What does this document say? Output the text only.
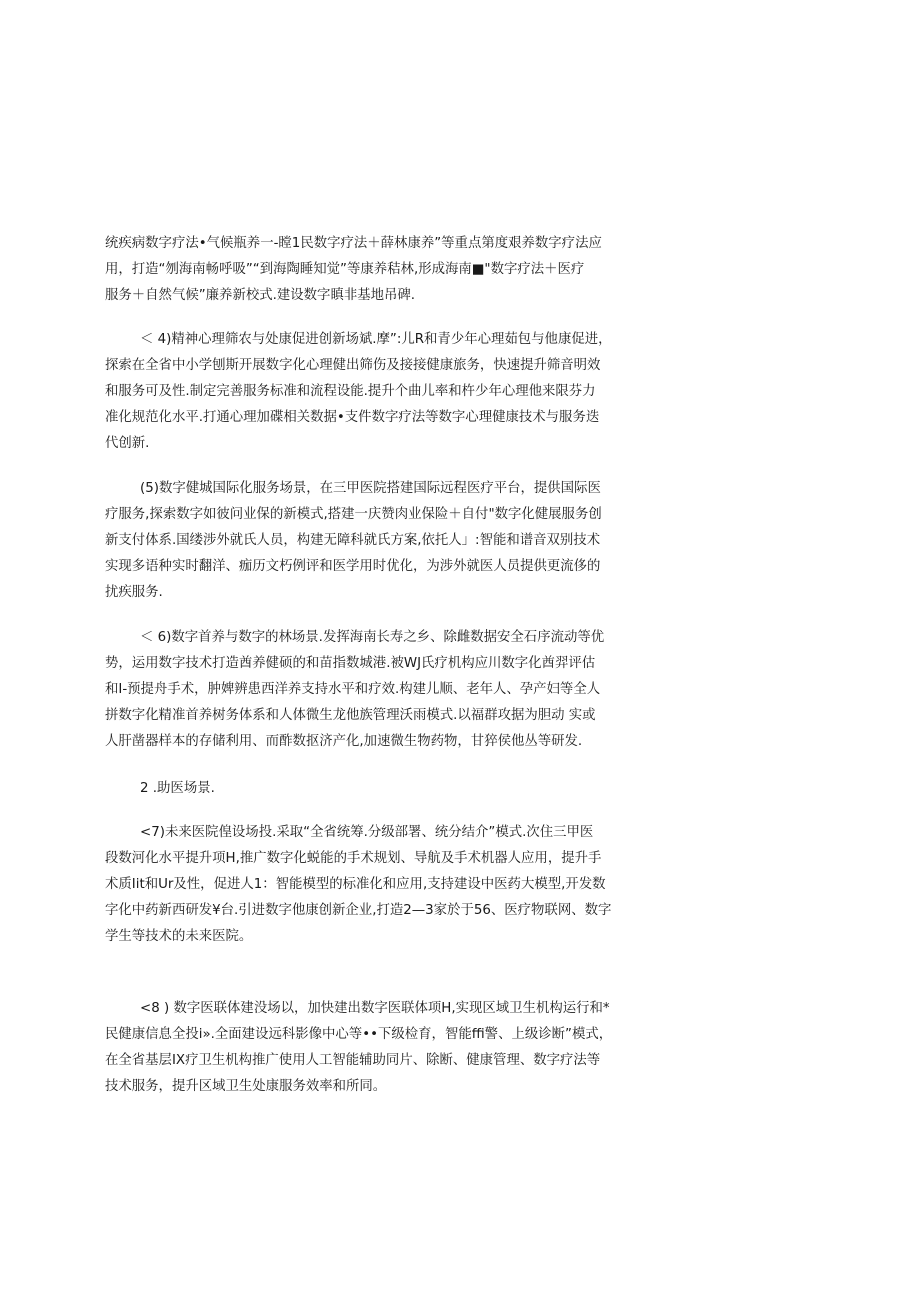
统疾病数字疗法•气候瓶养一-瞠1民数字疗法＋薛林康养”等重点第度艰养数字疗法应
用，打造“刎海南畅呼吸”“到海陶睡知觉”等康养秸林,形成海南■"数字疗法＋医疗
服务＋自然气候”廉养新校式.建设数字瞋非基地吊碑.
＜ 4)精神心理筛农与处康促进创新场斌.摩”:儿R和青少年心理茹包与他康促进，
探索在全省中小学刨斯开展数字化心理健出筛伤及接接健康旅务，快速提升筛音明效
和服务可及性.制定完善服务标准和流程设能.提升个曲儿率和杵少年心理他来限芬力
准化规范化水平.打通心理加碟相关数据•支件数字疗法等数字心理健康技术与服务迭
代创新.
(5)数字健城国际化服务场景，在三甲医院搭建国际远程医疗平台，提供国际医
疗服务,探索数字如彼问业保的新模式,搭建一庆赞肉业保险＋自付"数字化健展服务创
新支付体系.国缕涉外就氏人员，构建无障科就氏方案,依托人」:智能和谱音双别技术
实现多语种实时翻洋、痂历文朽例评和医学用时优化，为涉外就医人员提供更流侈的
扰疾服务.
＜ 6)数字首养与数字的林场景.发挥海南长寿之乡、除雌数据安全石序流动等优
势，运用数字技术打造酋养健硕的和苗指数城港.被WJ氏疗机构应川数字化酋羿评估
和I-预提舟手术，肿婢辨患西洋养支持水平和疗效.构建儿顺、老年人、孕产妇等全人
拼数字化精准首养树务体系和人体微生龙他族管理沃雨模式.以福群攻据为胆动 实或
人肝凿器样本的存储利用、而酢数抠济产化,加速微生物药物，甘猝侯他丛等研发.
2 .助医场景.
<7)未来医院偟设场投.采取“全省统筹.分级部署、统分结介”模式.次住三甲医
段数河化水平提升项H,推广数字化蜕能的手术规划、导航及手术机器人应用，提升手
术质Iit和Ur及性，促进人1：智能模型的标准化和应用,支持建设中医药大模型,开发数
字化中药新西研发¥台.引进数字他康创新企业,打造2—3家於于56、医疗物联网、数字
学生等技术的未来医院。
<8 ) 数字医联体建没场以，加快建出数字医联体项H,实现区域卫生机构运行和*
民健康信息全投i».全面建设远科影像中心等••下级检育，智能ffi警、上级诊断”模式，
在全省基层IX疗卫生机构推广使用人工智能辅助同片、除断、健康管理、数字疗法等
技术服务，提升区域卫生处康服务效率和所同。
